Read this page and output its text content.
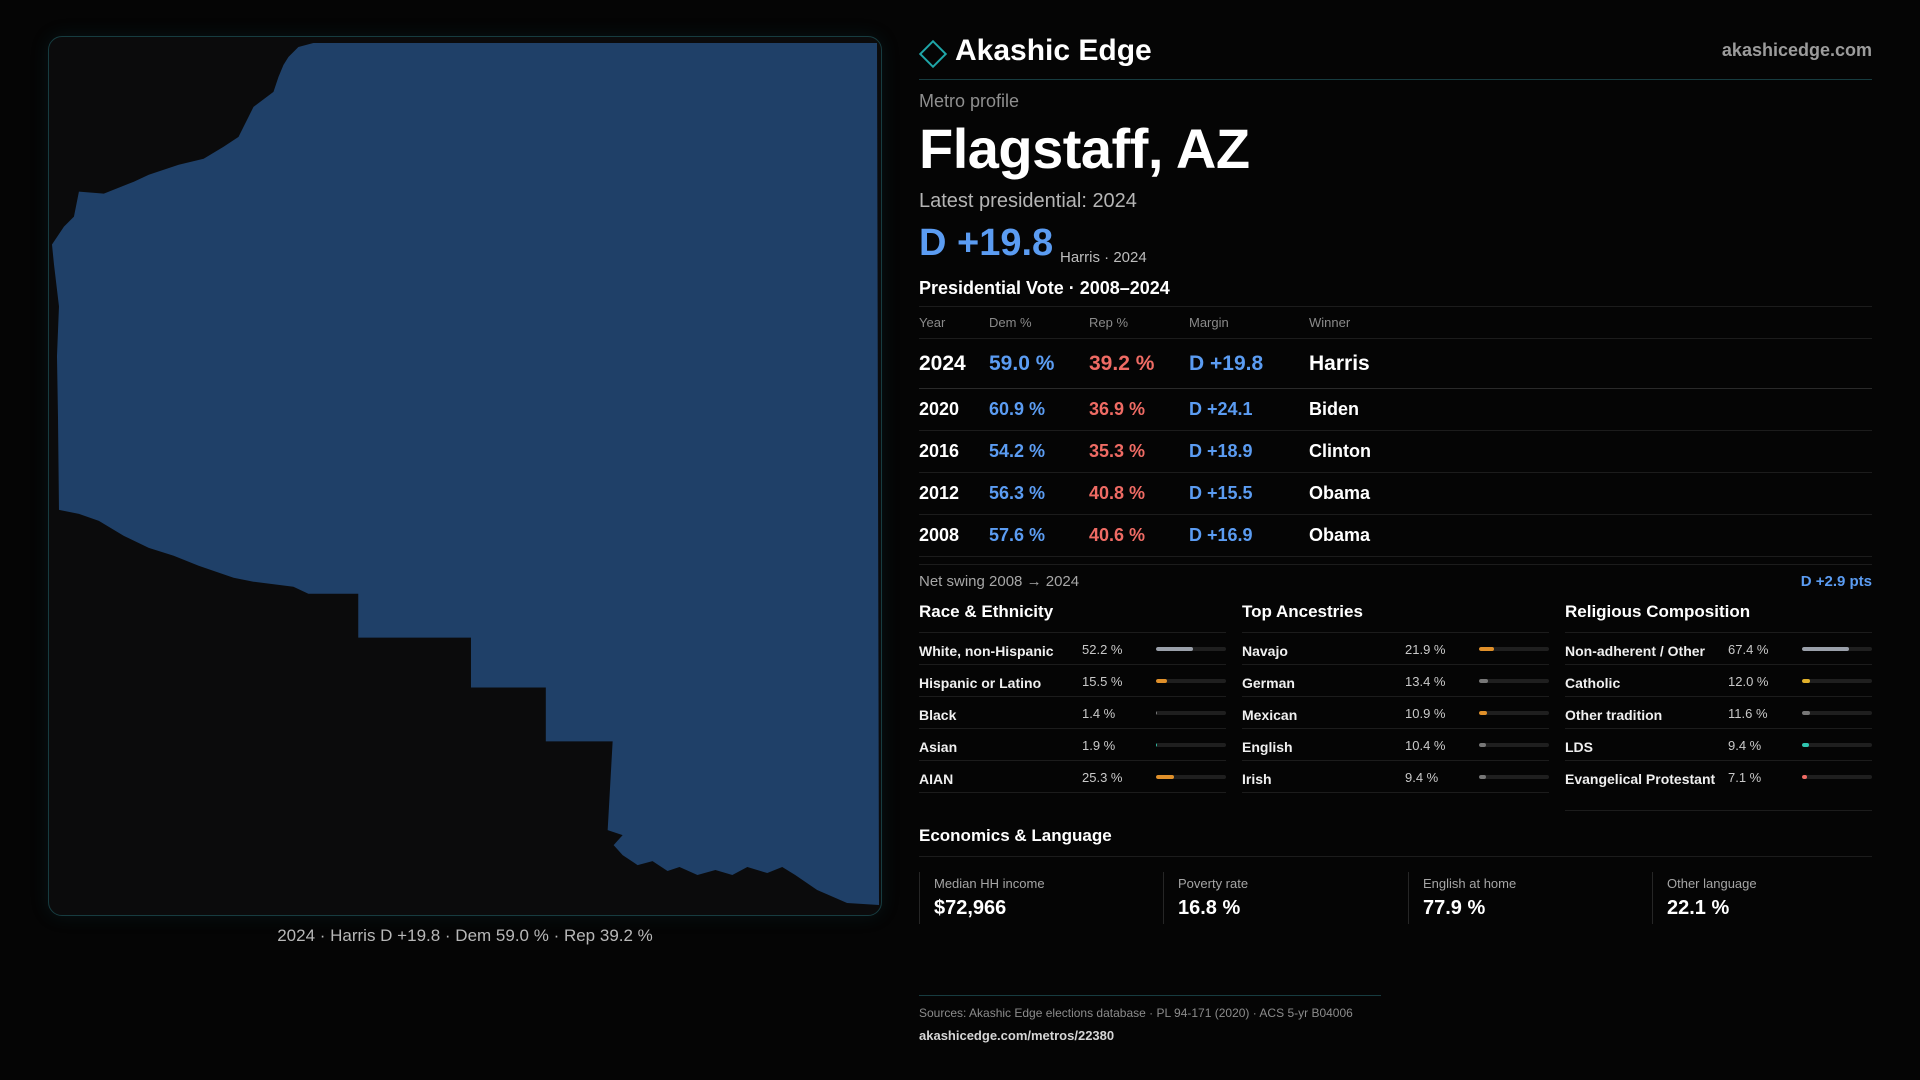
2024 · Harris D +19.8 · Dem 59.0 % · Rep 39.2 %
Akashic Edge	akashicedge.com
Metro profile
Flagstaff, AZ
Latest presidential: 2024
D +19.8 Harris · 2024
Presidential Vote · 2008–2024
Year	Dem %	Rep %	Margin	Winner
2024	59.0 %	39.2 %	D +19.8	Harris
2020	60.9 %	36.9 %	D +24.1	Biden
2016	54.2 %	35.3 %	D +18.9	Clinton
2012	56.3 %	40.8 %	D +15.5	Obama
2008	57.6 %	40.6 %	D +16.9	Obama
Net swing 2008 → 2024	D +2.9 pts
Race & Ethnicity
White, non-Hispanic	52.2 %
Hispanic or Latino	15.5 %
Black	1.4 %
Asian	1.9 %
AIAN	25.3 %
Top Ancestries
Navajo	21.9 %
German	13.4 %
Mexican	10.9 %
English	10.4 %
Irish	9.4 %
Religious Composition
Non-adherent / Other	67.4 %
Catholic	12.0 %
Other tradition	11.6 %
LDS	9.4 %
Evangelical Protestant 7.1 %
Economics & Language
Median HH income
$72,966
Poverty rate
16.8 %
English at home
77.9 %
Other language
22.1 %
Sources: Akashic Edge elections database · PL 94-171 (2020) · ACS 5-yr B04006
akashicedge.com/metros/22380
